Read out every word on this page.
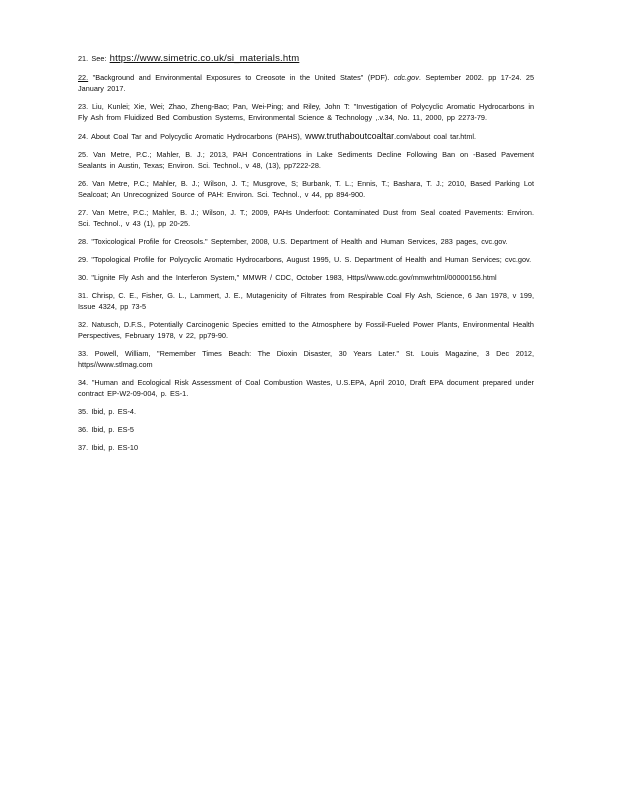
21. See: https://www.simetric.co.uk/si_materials.htm

22. "Background and Environmental Exposures to Creosote in the United States" (PDF). cdc.gov. September 2002. pp 17-24. 25 January 2017.

23. Liu, Kunlei; Xie, Wei; Zhao, Zheng-Bao; Pan, Wei-Ping; and Riley, John T: "Investigation of Polycyclic Aromatic Hydrocarbons in Fly Ash from Fluidized Bed Combustion Systems, Environmental Science & Technology ,.v.34, No. 11, 2000, pp 2273-79.

24. About Coal Tar and Polycyclic Aromatic Hydrocarbons (PAHS), www.truthaboutcoaltar.com/about coal tar.html.

25. Van Metre, P.C.; Mahler, B. J.; 2013, PAH Concentrations in Lake Sediments Decline Following Ban on -Based Pavement Sealants in Austin, Texas; Environ. Sci. Technol., v 48, (13), pp7222-28.

26. Van Metre, P.C.; Mahler, B. J.; Wilson, J. T.; Musgrove, S; Burbank, T. L.; Ennis, T.; Bashara, T. J.; 2010, Based Parking Lot Sealcoat; An Unrecognized Source of PAH: Environ. Sci. Technol., v 44, pp 894-900.

27. Van Metre, P.C.; Mahler, B. J.; Wilson, J. T.; 2009, PAHs Underfoot: Contaminated Dust from Seal coated Pavements: Environ. Sci. Technol., v 43 (1), pp 20-25.

28. "Toxicological Profile for Creosols." September, 2008, U.S. Department of Health and Human Services, 283 pages, cvc.gov.

29. "Topological Profile for Polycyclic Aromatic Hydrocarbons, August 1995, U. S. Department of Health and Human Services; cvc.gov.

30. "Lignite Fly Ash and the Interferon System," MMWR / CDC, October 1983, Https//www.cdc.gov/mmwrhtml/00000156.html

31. Chrisp, C. E., Fisher, G. L., Lammert, J. E., Mutagenicity of Filtrates from Respirable Coal Fly Ash, Science, 6 Jan 1978, v 199, Issue 4324, pp 73-5

32. Natusch, D.F.S., Potentially Carcinogenic Species emitted to the Atmosphere by Fossil-Fueled Power Plants, Environmental Health Perspectives, February 1978, v 22, pp79-90.

33. Powell, William, "Remember Times Beach: The Dioxin Disaster, 30 Years Later." St. Louis Magazine, 3 Dec 2012, https//www.stlmag.com

34. "Human and Ecological Risk Assessment of Coal Combustion Wastes, U.S.EPA, April 2010, Draft EPA document prepared under contract EP-W2-09-004, p. ES-1.

35. Ibid, p. ES-4.

36. Ibid, p. ES-5

37. Ibid, p. ES-10
